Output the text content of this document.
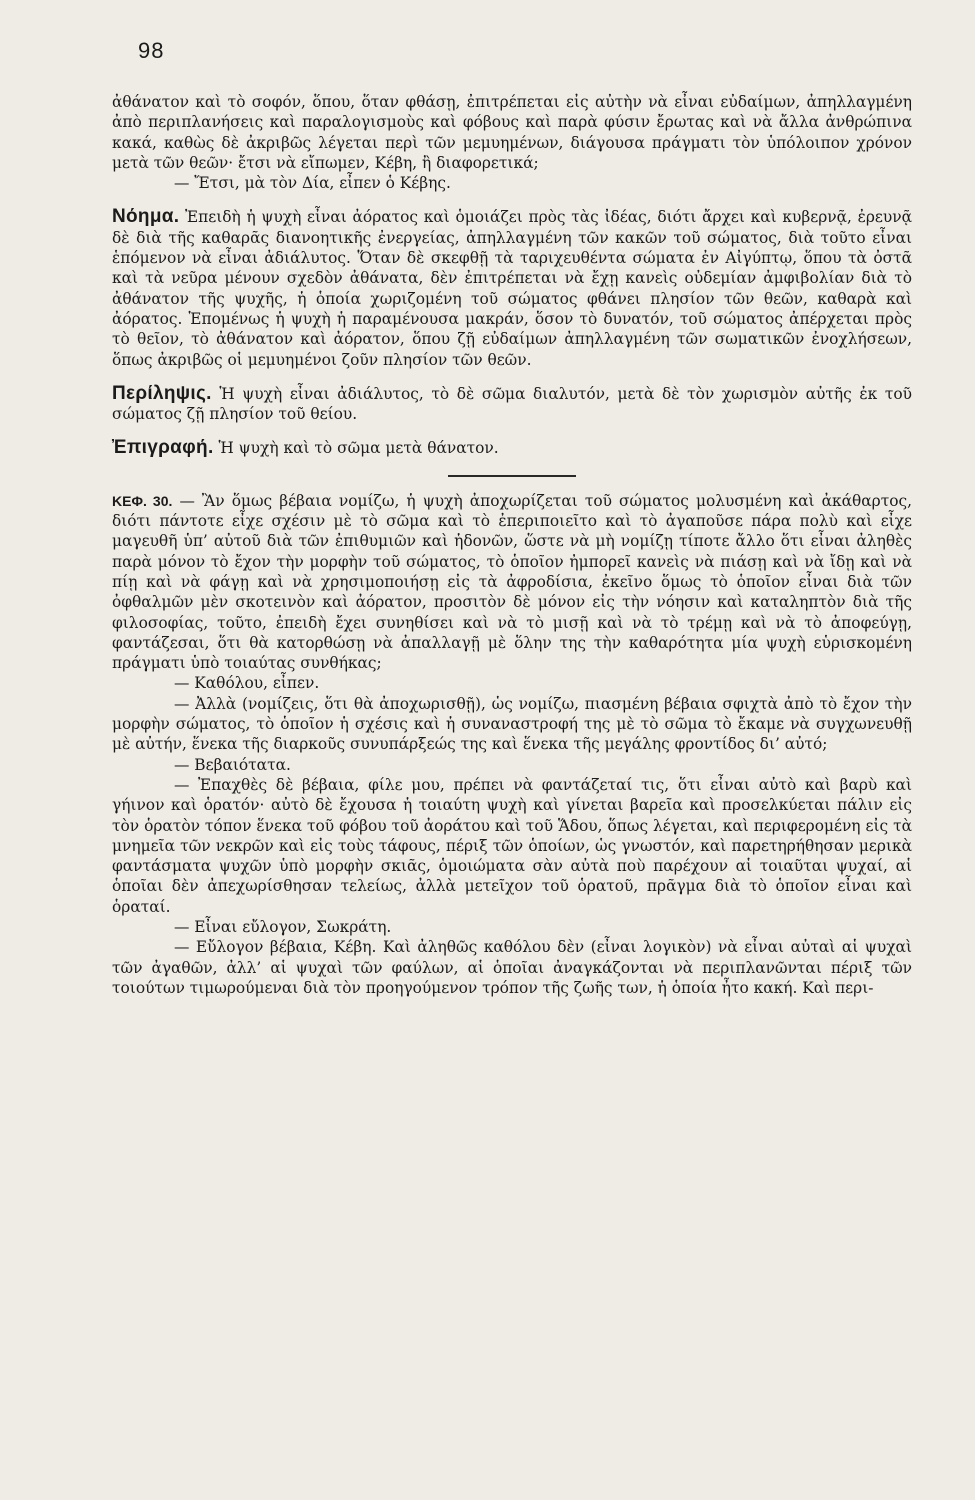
98

ἀθάνατον καὶ τὸ σοφόν, ὅπου, ὅταν φθάσῃ, ἐπιτρέπεται εἰς αὐτὴν νὰ εἶναι εὐδαίμων, ἀπηλλαγμένη ἀπὸ περιπλανήσεις καὶ παραλογισμοὺς καὶ φόβους καὶ παρὰ φύσιν ἔρωτας καὶ νὰ ἄλλα ἀνθρώπινα κακά, καθὼς δὲ ἀκριβῶς λέγεται περὶ τῶν μεμυημένων, διάγουσα πράγματι τὸν ὑπόλοιπον χρόνον μετὰ τῶν θεῶν· ἔτσι νὰ εἴπωμεν, Κέβη, ἢ διαφορετικά;

— Ἔτσι, μὰ τὸν Δία, εἶπεν ὁ Κέβης.

Νόημα. Ἐπειδὴ ἡ ψυχὴ εἶναι ἀόρατος καὶ ὁμοιάζει πρὸς τὰς ἰδέας, διότι ἄρχει καὶ κυβερνᾷ, ἐρευνᾷ δὲ διὰ τῆς καθαρᾶς διανοητικῆς ἐνεργείας, ἀπηλλαγμένη τῶν κακῶν τοῦ σώματος, διὰ τοῦτο εἶναι ἑπόμενον νὰ εἶναι ἀδιάλυτος. Ὅταν δὲ σκεφθῇ τὰ ταριχευθέντα σώματα ἐν Αἰγύπτῳ, ὅπου τὰ ὀστᾶ καὶ τὰ νεῦρα μένουν σχεδὸν ἀθάνατα, δὲν ἐπιτρέπεται νὰ ἔχῃ κανεὶς οὐδεμίαν ἀμφιβολίαν διὰ τὸ ἀθάνατον τῆς ψυχῆς, ἡ ὁποία χωριζομένη τοῦ σώματος φθάνει πλησίον τῶν θεῶν, καθαρὰ καὶ ἀόρατος. Ἑπομένως ἡ ψυχὴ ἡ παραμένουσα μακράν, ὅσον τὸ δυνατόν, τοῦ σώματος ἀπέρχεται πρὸς τὸ θεῖον, τὸ ἀθάνατον καὶ ἀόρατον, ὅπου ζῇ εὐδαίμων ἀπηλλαγμένη τῶν σωματικῶν ἐνοχλήσεων, ὅπως ἀκριβῶς οἱ μεμυημένοι ζοῦν πλησίον τῶν θεῶν.

Περίληψις. Ἡ ψυχὴ εἶναι ἀδιάλυτος, τὸ δὲ σῶμα διαλυτόν, μετὰ δὲ τὸν χωρισμὸν αὐτῆς ἐκ τοῦ σώματος ζῇ πλησίον τοῦ θείου.

Ἐπιγραφή. Ἡ ψυχὴ καὶ τὸ σῶμα μετὰ θάνατον.

ΚΕΦ. 30. — Ἂν ὅμως βέβαια νομίζω, ἡ ψυχὴ ἀποχωρίζεται τοῦ σώματος μολυσμένη καὶ ἀκάθαρτος, διότι πάντοτε εἶχε σχέσιν μὲ τὸ σῶμα καὶ τὸ ἐπεριποιεῖτο καὶ τὸ ἀγαποῦσε πάρα πολὺ καὶ εἶχε μαγευθῆ ὑπ’ αὐτοῦ διὰ τῶν ἐπιθυμιῶν καὶ ἡδονῶν, ὥστε νὰ μὴ νομίζῃ τίποτε ἄλλο ὅτι εἶναι ἀληθὲς παρὰ μόνον τὸ ἔχον τὴν μορφὴν τοῦ σώματος, τὸ ὁποῖον ἠμπορεῖ κανεὶς νὰ πιάσῃ καὶ νὰ ἴδῃ καὶ νὰ πίῃ καὶ νὰ φάγῃ καὶ νὰ χρησιμοποιήσῃ εἰς τὰ ἀφροδίσια, ἐκεῖνο ὅμως τὸ ὁποῖον εἶναι διὰ τῶν ὀφθαλμῶν μὲν σκοτεινὸν καὶ ἀόρατον, προσιτὸν δὲ μόνον εἰς τὴν νόησιν καὶ καταληπτὸν διὰ τῆς φιλοσοφίας, τοῦτο, ἐπειδὴ ἔχει συνηθίσει καὶ νὰ τὸ μισῇ καὶ νὰ τὸ τρέμῃ καὶ νὰ τὸ ἀποφεύγῃ, φαντάζεσαι, ὅτι θὰ κατορθώσῃ νὰ ἀπαλλαγῇ μὲ ὅλην της τὴν καθαρότητα μία ψυχὴ εὑρισκομένη πράγματι ὑπὸ τοιαύτας συνθήκας;

— Καθόλου, εἶπεν.

— Ἀλλὰ (νομίζεις, ὅτι θὰ ἀποχωρισθῇ), ὡς νομίζω, πιασμένη βέβαια σφιχτὰ ἀπὸ τὸ ἔχον τὴν μορφὴν σώματος, τὸ ὁποῖον ἡ σχέσις καὶ ἡ συναναστροφή της μὲ τὸ σῶμα τὸ ἔκαμε νὰ συγχωνευθῇ μὲ αὐτήν, ἕνεκα τῆς διαρκοῦς συνυπάρξεώς της καὶ ἕνεκα τῆς μεγάλης φροντίδος δι’ αὐτό;

— Βεβαιότατα.

— Ἐπαχθὲς δὲ βέβαια, φίλε μου, πρέπει νὰ φαντάζεταί τις, ὅτι εἶναι αὐτὸ καὶ βαρὺ καὶ γήινον καὶ ὁρατόν· αὐτὸ δὲ ἔχουσα ἡ τοιαύτη ψυχὴ καὶ γίνεται βαρεῖα καὶ προσελκύεται πάλιν εἰς τὸν ὁρατὸν τόπον ἕνεκα τοῦ φόβου τοῦ ἀοράτου καὶ τοῦ Ἅδου, ὅπως λέγεται, καὶ περιφερομένη εἰς τὰ μνημεῖα τῶν νεκρῶν καὶ εἰς τοὺς τάφους, πέριξ τῶν ὁποίων, ὡς γνωστόν, καὶ παρετηρήθησαν μερικὰ φαντάσματα ψυχῶν ὑπὸ μορφὴν σκιᾶς, ὁμοιώματα σὰν αὐτὰ ποὺ παρέχουν αἱ τοιαῦται ψυχαί, αἱ ὁποῖαι δὲν ἀπεχωρίσθησαν τελείως, ἀλλὰ μετεῖχον τοῦ ὁρατοῦ, πρᾶγμα διὰ τὸ ὁποῖον εἶναι καὶ ὁραταί.

— Εἶναι εὔλογον, Σωκράτη.

— Εὔλογον βέβαια, Κέβη. Καὶ ἀληθῶς καθόλου δὲν (εἶναι λογικὸν) νὰ εἶναι αὐταὶ αἱ ψυχαὶ τῶν ἀγαθῶν, ἀλλ’ αἱ ψυχαὶ τῶν φαύλων, αἱ ὁποῖαι ἀναγκάζονται νὰ περιπλανῶνται πέριξ τῶν τοιούτων τιμωρούμεναι διὰ τὸν προηγούμενον τρόπον τῆς ζωῆς των, ἡ ὁποία ἦτο κακή. Καὶ περι-
